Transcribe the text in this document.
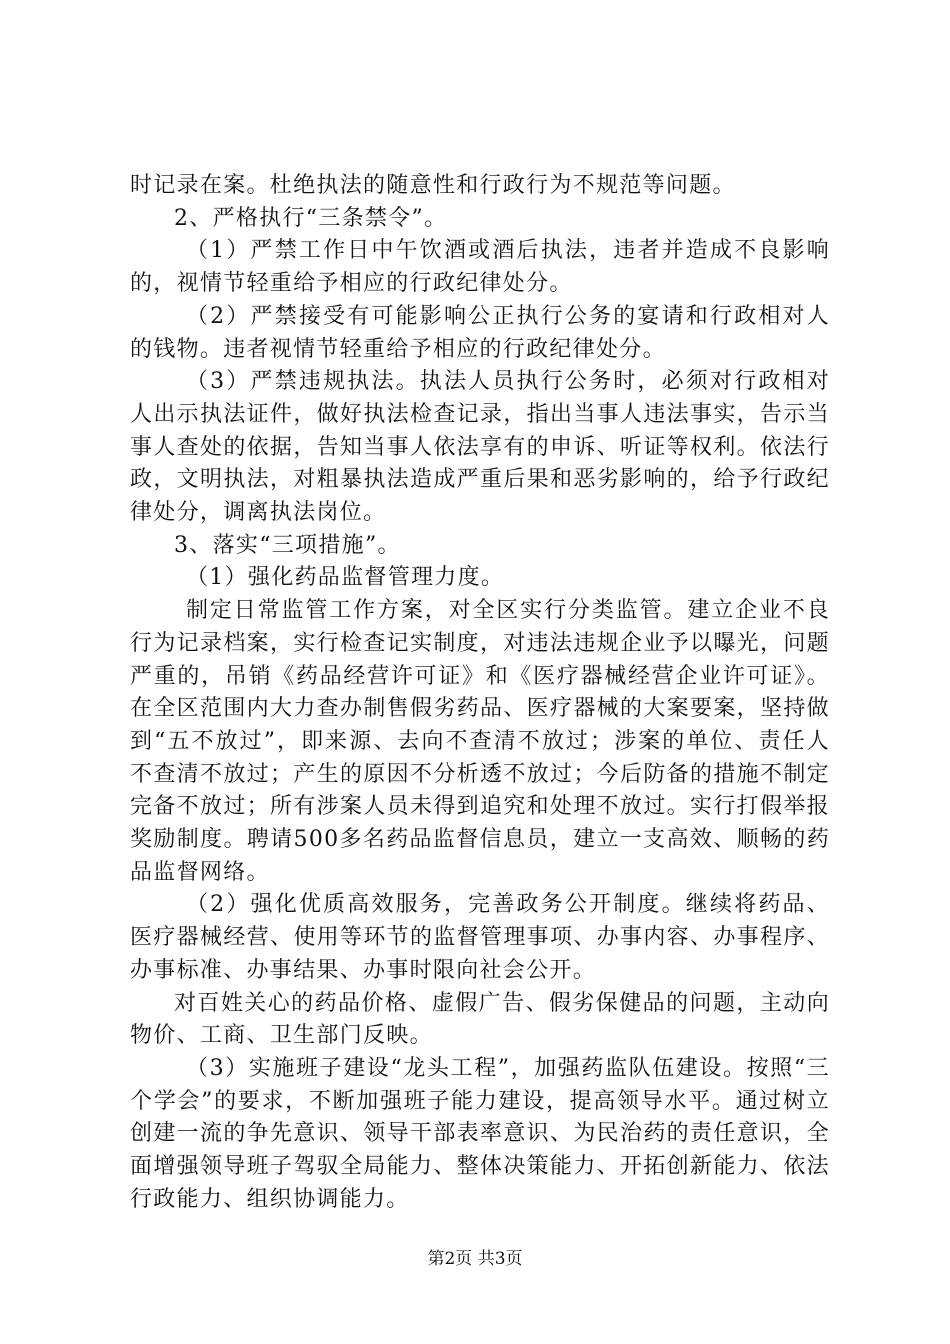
时记录在案。杜绝执法的随意性和行政行为不规范等问题。

2、严格执行“三条禁令”。

（1）严禁工作日中午饮酒或酒后执法，违者并造成不良影响的，视情节轻重给予相应的行政纪律处分。

（2）严禁接受有可能影响公正执行公务的宴请和行政相对人的钱物。违者视情节轻重给予相应的行政纪律处分。

（3）严禁违规执法。执法人员执行公务时，必须对行政相对人出示执法证件，做好执法检查记录，指出当事人违法事实，告示当事人查处的依据，告知当事人依法享有的申诉、听证等权利。依法行政，文明执法，对粗暴执法造成严重后果和恶劣影响的，给予行政纪律处分，调离执法岗位。

3、落实“三项措施”。

（1）强化药品监督管理力度。

制定日常监管工作方案，对全区实行分类监管。建立企业不良行为记录档案，实行检查记实制度，对违法违规企业予以曝光，问题严重的，吊销《药品经营许可证》和《医疗器械经营企业许可证》。在全区范围内大力查办制售假劣药品、医疗器械的大案要案，坚持做到“五不放过”，即来源、去向不查清不放过；涉案的单位、责任人不查清不放过；产生的原因不分析透不放过；今后防备的措施不制定完备不放过；所有涉案人员未得到追究和处理不放过。实行打假举报奖励制度。聘请500多名药品监督信息员，建立一支高效、顺畅的药品监督网络。

（2）强化优质高效服务，完善政务公开制度。继续将药品、医疗器械经营、使用等环节的监督管理事项、办事内容、办事程序、办事标准、办事结果、办事时限向社会公开。

对百姓关心的药品价格、虚假广告、假劣保健品的问题，主动向物价、工商、卫生部门反映。

（3）实施班子建设“龙头工程”，加强药监队伍建设。按照“三个学会”的要求，不断加强班子能力建设，提高领导水平。通过树立创建一流的争先意识、领导干部表率意识、为民治药的责任意识，全面增强领导班子驾驭全局能力、整体决策能力、开拓创新能力、依法行政能力、组织协调能力。

第2页 共3页
